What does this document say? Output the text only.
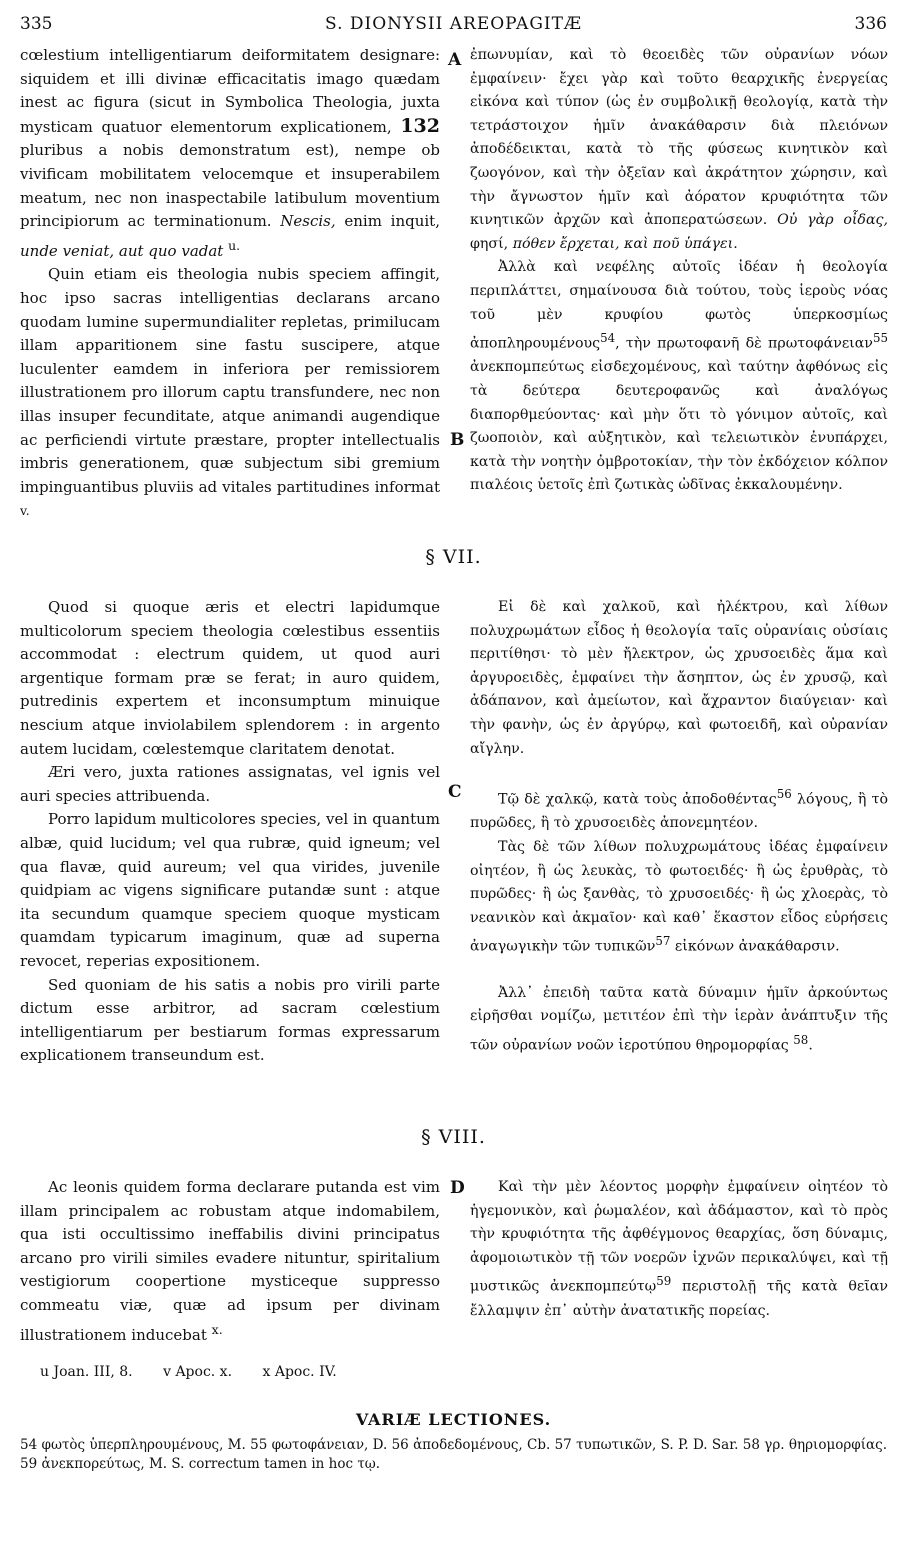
335	S. DIONYSII AREOPAGITÆ	336

cœlestium intelligentiarum deiformitatem designare: siquidem et illi divinæ efficacitatis imago quædam inest ac figura (sicut in Symbolica Theologia, juxta mysticam quatuor elementorum explicationem, 132 pluribus a nobis demonstratum est), nempe ob vivificam mobilitatem velocemque et insuperabilem meatum, nec non inaspectabile latibulum moventium principiorum ac terminationum. Nescis, enim inquit, unde veniat, aut quo vadat $^{u.}$

Quin etiam eis theologia nubis speciem affingit, hoc ipso sacras intelligentias declarans arcano quodam lumine supermundialiter repletas, primilucam illam apparitionem sine fastu suscipere, atque luculenter eamdem in inferiora per remissiorem illustrationem pro illorum captu transfundere, nec non illas insuper fecunditate, atque animandi augendique ac perficiendi virtute præstare, propter intellectualis imbris generationem, quæ subjectum sibi gremium impinguantibus pluviis ad vitales partitudines informat $^{v.}$

A
B

ἐπωνυμίαν, καὶ τὸ θεοειδὲς τῶν οὐρανίων νόων ἐμφαίνειν· ἔχει γὰρ καὶ τοῦτο θεαρχικῆς ἐνεργείας εἰκόνα καὶ τύπον (ὡς ἐν συμβολικῇ θεολογίᾳ, κατὰ τὴν τετράστοιχον ἡμῖν ἀνακάθαρσιν διὰ πλειόνων ἀποδέδεικται, κατὰ τὸ τῆς φύσεως κινητικὸν καὶ ζωογόνον, καὶ τὴν ὀξεῖαν καὶ ἀκράτητον χώρησιν, καὶ τὴν ἄγνωστον ἡμῖν καὶ ἀόρατον κρυφιότητα τῶν κινητικῶν ἀρχῶν καὶ ἀποπερατώσεων. Οὐ γὰρ οἶδας, φησί, πόθεν ἔρχεται, καὶ ποῦ ὑπάγει.

Ἀλλὰ καὶ νεφέλης αὐτοῖς ἰδέαν ἡ θεολογία περιπλάττει, σημαίνουσα διὰ τούτου, τοὺς ἱεροὺς νόας τοῦ μὲν κρυφίου φωτὸς ὑπερκοσμίως ἀποπληρουμένους$^{54}$, τὴν πρωτοφανῆ δὲ πρωτοφάνειαν$^{55}$ ἀνεκπομπεύτως εἰσδεχομένους, καὶ ταύτην ἀφθόνως εἰς τὰ δεύτερα δευτεροφανῶς καὶ ἀναλόγως διαπορθμεύοντας· καὶ μὴν ὅτι τὸ γόνιμον αὐτοῖς, καὶ ζωοποιὸν, καὶ αὐξητικὸν, καὶ τελειωτικὸν ἐνυπάρχει, κατὰ τὴν νοητὴν ὀμβροτοκίαν, τὴν τὸν ἐκδόχειον κόλπον πιαλέοις ὑετοῖς ἐπὶ ζωτικὰς ὠδῖνας ἐκκαλουμένην.

§ VII.

Quod si quoque æris et electri lapidumque multicolorum speciem theologia cœlestibus essentiis accommodat : electrum quidem, ut quod auri argentique formam præ se ferat; in auro quidem, putredinis expertem et inconsumptum minuique nescium atque inviolabilem splendorem : in argento autem lucidam, cœlestemque claritatem denotat.

Æri vero, juxta rationes assignatas, vel ignis vel auri species attribuenda.

Porro lapidum multicolores species, vel in quantum albæ, quid lucidum; vel qua rubræ, quid igneum; vel qua flavæ, quid aureum; vel qua virides, juvenile quidpiam ac vigens significare putandæ sunt : atque ita secundum quamque speciem quoque mysticam quamdam typicarum imaginum, quæ ad superna revocet, reperias expositionem.

Sed quoniam de his satis a nobis pro virili parte dictum esse arbitror, ad sacram cœlestium intelligentiarum per bestiarum formas expressarum explicationem transeundum est.

C

Εἰ δὲ καὶ χαλκοῦ, καὶ ἠλέκτρου, καὶ λίθων πολυχρωμάτων εἶδος ἡ θεολογία ταῖς οὐρανίαις οὐσίαις περιτίθησι· τὸ μὲν ἤλεκτρον, ὡς χρυσοειδὲς ἅμα καὶ ἀργυροειδὲς, ἐμφαίνει τὴν ἄσηπτον, ὡς ἐν χρυσῷ, καὶ ἀδάπανον, καὶ ἀμείωτον, καὶ ἄχραντον διαύγειαν· καὶ τὴν φανὴν, ὡς ἐν ἀργύρῳ, καὶ φωτοειδῆ, καὶ οὐρανίαν αἴγλην.

Τῷ δὲ χαλκῷ, κατὰ τοὺς ἀποδοθέντας$^{56}$ λόγους, ἢ τὸ πυρῶδες, ἢ τὸ χρυσοειδὲς ἀπονεμητέον.

Τὰς δὲ τῶν λίθων πολυχρωμάτους ἰδέας ἐμφαίνειν οἰητέον, ἢ ὡς λευκὰς, τὸ φωτοειδές· ἢ ὡς ἐρυθρὰς, τὸ πυρῶδες· ἢ ὡς ξανθὰς, τὸ χρυσοειδές· ἢ ὡς χλοερὰς, τὸ νεανικὸν καὶ ἀκμαῖον· καὶ καθ᾽ ἕκαστον εἶδος εὑρήσεις ἀναγωγικὴν τῶν τυπικῶν$^{57}$ εἰκόνων ἀνακάθαρσιν.

Ἀλλ᾽ ἐπειδὴ ταῦτα κατὰ δύναμιν ἡμῖν ἀρκούντως εἰρῆσθαι νομίζω, μετιτέον ἐπὶ τὴν ἱερὰν ἀνάπτυξιν τῆς τῶν οὐρανίων νοῶν ἱεροτύπου θηρομορφίας $^{58}$.

§ VIII.

Ac leonis quidem forma declarare putanda est vim illam principalem ac robustam atque indomabilem, qua isti occultissimo ineffabilis divini principatus arcano pro virili similes evadere nituntur, spiritalium vestigiorum coopertione mysticeque suppresso commeatu viæ, quæ ad ipsum per divinam illustrationem inducebat $^{x.}$

D	Καὶ τὴν μὲν λέοντος μορφὴν ἐμφαίνειν οἰητέον τὸ ἡγεμονικὸν, καὶ ῥωμαλέον, καὶ ἀδάμαστον, καὶ τὸ πρὸς τὴν κρυφιότητα τῆς ἀφθέγμονος θεαρχίας, ὅση δύναμις, ἀφομοιωτικὸν τῇ τῶν νοερῶν ἰχνῶν περικαλύψει, καὶ τῇ μυστικῶς ἀνεκπομπεύτῳ$^{59}$ περιστολῇ τῆς κατὰ θεῖαν ἔλλαμψιν ἐπ᾽ αὐτὴν ἀνατατικῆς πορείας.

u Joan. III, 8. v Apoc. x. x Apoc. IV.
VARIÆ LECTIONES.
54 φωτὸς ὑπερπληρουμένους, M. 55 φωτοφάνειαν, D. 56 ἀποδεδομένους, Cb. 57 τυπωτικῶν, S. P. D. Sar. 58 γρ. θηριομορφίας. 59 ἀνεκπορεύτως, M. S. correctum tamen in hoc τῳ.
